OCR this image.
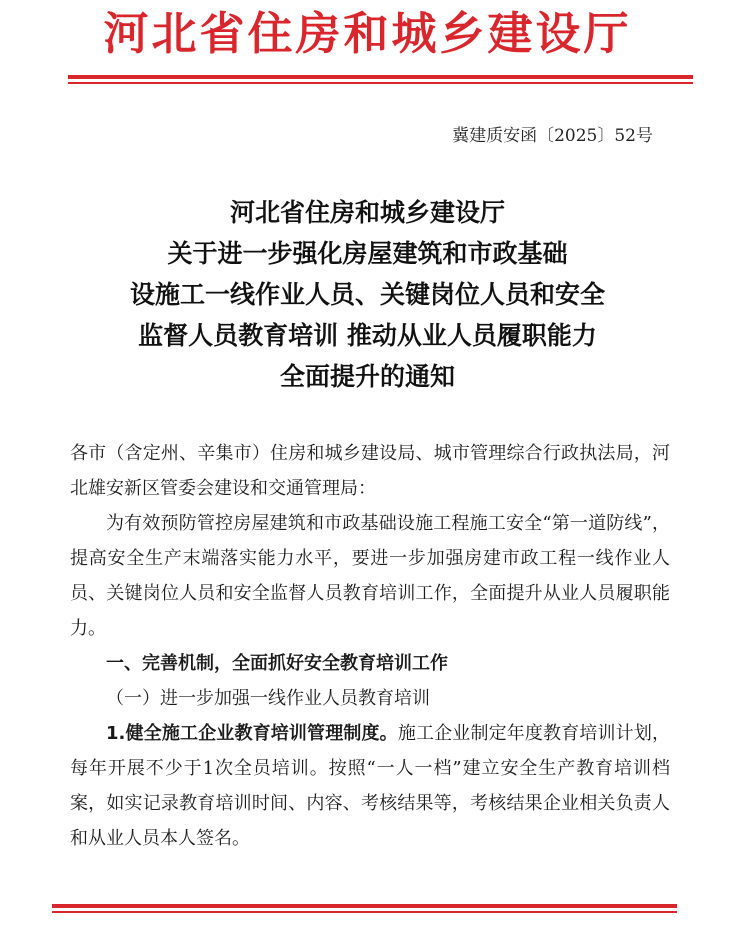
河北省住房和城乡建设厅
冀建质安函〔2025〕52号
河北省住房和城乡建设厅
关于进一步强化房屋建筑和市政基础
设施工一线作业人员、关键岗位人员和安全
监督人员教育培训 推动从业人员履职能力
全面提升的通知

各市（含定州、辛集市）住房和城乡建设局、城市管理综合行政执法局，河北雄安新区管委会建设和交通管理局：

为有效预防管控房屋建筑和市政基础设施工程施工安全“第一道防线”，提高安全生产末端落实能力水平，要进一步加强房建市政工程一线作业人员、关键岗位人员和安全监督人员教育培训工作，全面提升从业人员履职能力。

一、完善机制，全面抓好安全教育培训工作

（一）进一步加强一线作业人员教育培训

1.健全施工企业教育培训管理制度。施工企业制定年度教育培训计划，每年开展不少于1次全员培训。按照“一人一档”建立安全生产教育培训档案，如实记录教育培训时间、内容、考核结果等，考核结果企业相关负责人和从业人员本人签名。
